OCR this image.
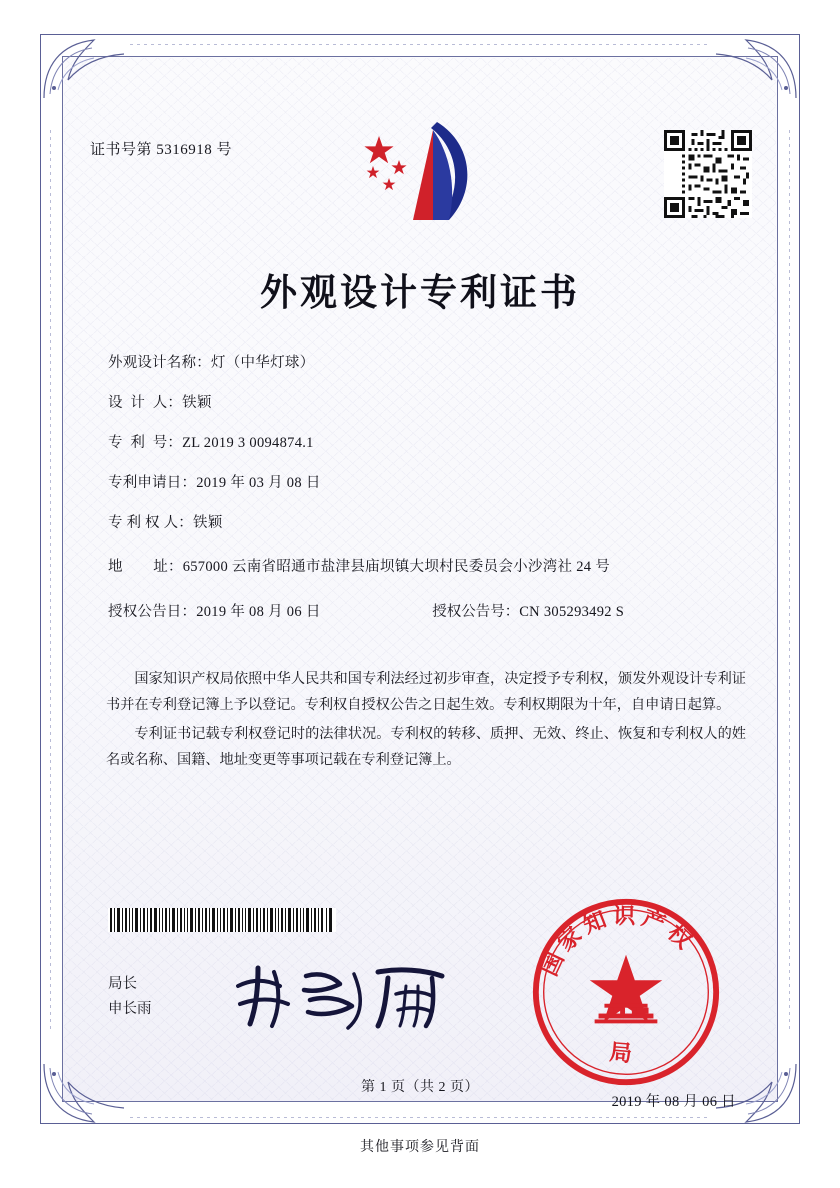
证书号第 5316918 号
外观设计专利证书
外观设计名称： 灯（中华灯球）
设  计  人： 铁颖
专  利  号： ZL 2019 3 0094874.1
专利申请日： 2019 年 03 月 08 日
专 利 权 人： 铁颖
地        址： 657000 云南省昭通市盐津县庙坝镇大坝村民委员会小沙湾社 24 号
授权公告日： 2019 年 08 月 06 日	授权公告号： CN 305293492 S

国家知识产权局依照中华人民共和国专利法经过初步审查，决定授予专利权，颁发外观设计专利证书并在专利登记簿上予以登记。专利权自授权公告之日起生效。专利权期限为十年，自申请日起算。

专利证书记载专利权登记时的法律状况。专利权的转移、质押、无效、终止、恢复和专利权人的姓名或名称、国籍、地址变更等事项记载在专利登记簿上。

局长
申长雨
国家知识产权
局
2019 年 08 月 06 日
第 1 页（共 2 页）
其他事项参见背面
